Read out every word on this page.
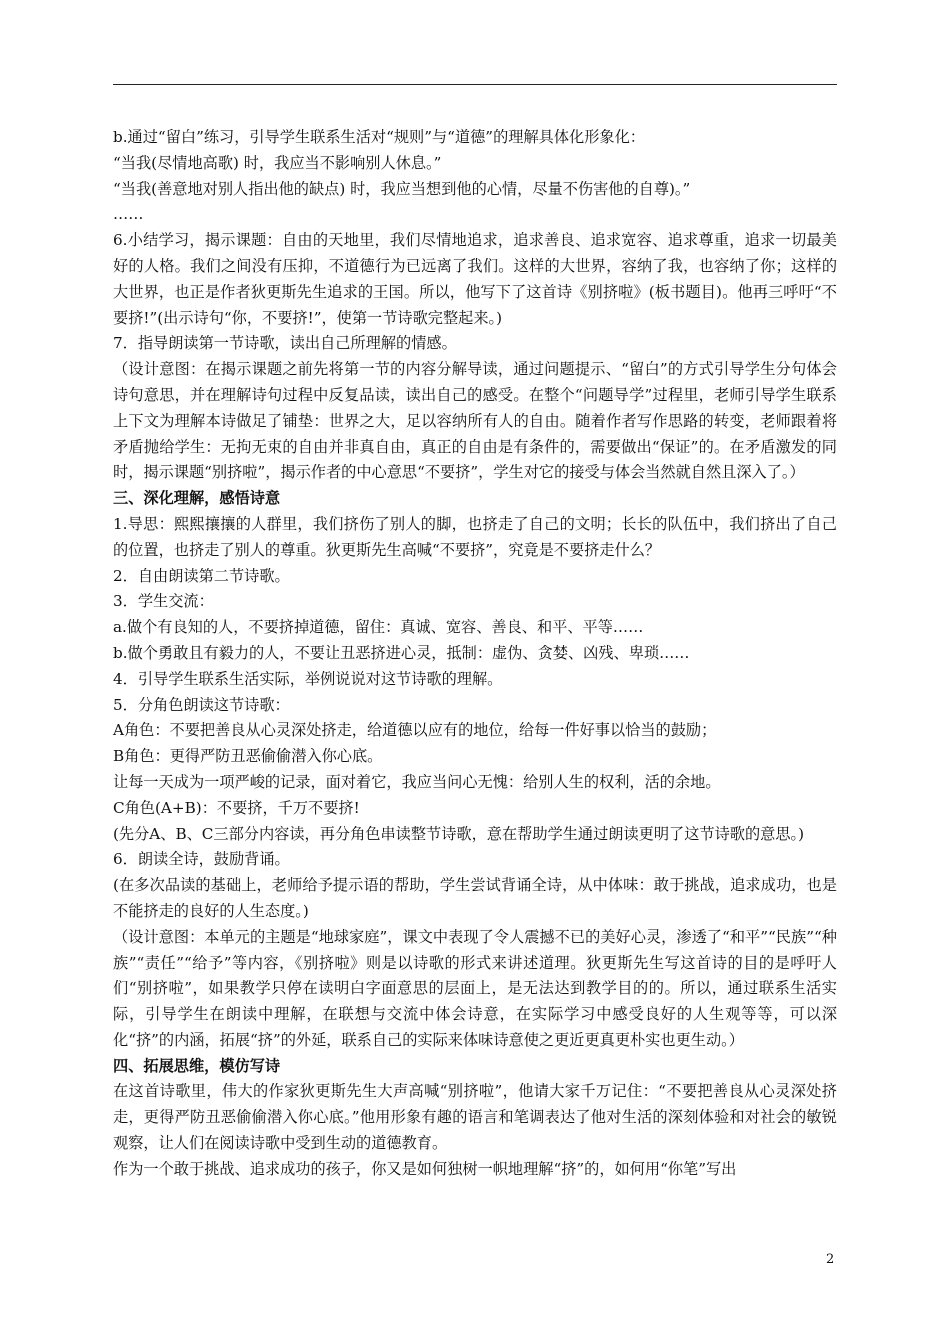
b.通过“留白”练习，引导学生联系生活对“规则”与“道德”的理解具体化形象化：

“当我(尽情地高歌) 时，我应当不影响别人休息。”

“当我(善意地对别人指出他的缺点) 时，我应当想到他的心情，尽量不伤害他的自尊)。”

……

6.小结学习，揭示课题：自由的天地里，我们尽情地追求，追求善良、追求宽容、追求尊重，追求一切最美好的人格。我们之间没有压抑，不道德行为已远离了我们。这样的大世界，容纳了我，也容纳了你；这样的大世界，也正是作者狄更斯先生追求的王国。所以，他写下了这首诗《别挤啦》(板书题目)。他再三呼吁“不要挤!”(出示诗句“你，不要挤!”，使第一节诗歌完整起来。)

7．指导朗读第一节诗歌，读出自己所理解的情感。

（设计意图：在揭示课题之前先将第一节的内容分解导读，通过问题提示、“留白”的方式引导学生分句体会诗句意思，并在理解诗句过程中反复品读，读出自己的感受。在整个“问题导学”过程里，老师引导学生联系上下文为理解本诗做足了铺垫：世界之大，足以容纳所有人的自由。随着作者写作思路的转变，老师跟着将矛盾抛给学生：无拘无束的自由并非真自由，真正的自由是有条件的，需要做出“保证”的。在矛盾激发的同时，揭示课题“别挤啦”，揭示作者的中心意思“不要挤”，学生对它的接受与体会当然就自然且深入了。）

三、深化理解，感悟诗意

1.导思：熙熙攘攘的人群里，我们挤伤了别人的脚，也挤走了自己的文明；长长的队伍中，我们挤出了自己的位置，也挤走了别人的尊重。狄更斯先生高喊“不要挤”，究竟是不要挤走什么？

2．自由朗读第二节诗歌。

3．学生交流：

a.做个有良知的人，不要挤掉道德，留住：真诚、宽容、善良、和平、平等……

b.做个勇敢且有毅力的人，不要让丑恶挤进心灵，抵制：虚伪、贪婪、凶残、卑琐……

4．引导学生联系生活实际，举例说说对这节诗歌的理解。

5．分角色朗读这节诗歌：

A角色：不要把善良从心灵深处挤走，给道德以应有的地位，给每一件好事以恰当的鼓励；

B角色：更得严防丑恶偷偷潜入你心底。

让每一天成为一项严峻的记录，面对着它，我应当问心无愧：给别人生的权利，活的余地。

C角色(A+B)：不要挤，千万不要挤!

(先分A、B、C三部分内容读，再分角色串读整节诗歌，意在帮助学生通过朗读更明了这节诗歌的意思。)

6．朗读全诗，鼓励背诵。

(在多次品读的基础上，老师给予提示语的帮助，学生尝试背诵全诗，从中体味：敢于挑战，追求成功，也是不能挤走的良好的人生态度。)

（设计意图：本单元的主题是“地球家庭”，课文中表现了令人震撼不已的美好心灵，渗透了“和平”“民族”“种族”“责任”“给予”等内容，《别挤啦》则是以诗歌的形式来讲述道理。狄更斯先生写这首诗的目的是呼吁人们“别挤啦”，如果教学只停在读明白字面意思的层面上，是无法达到教学目的的。所以，通过联系生活实际，引导学生在朗读中理解，在联想与交流中体会诗意，在实际学习中感受良好的人生观等等，可以深化“挤”的内涵，拓展“挤”的外延，联系自己的实际来体味诗意使之更近更真更朴实也更生动。）

四、拓展思维，模仿写诗

在这首诗歌里，伟大的作家狄更斯先生大声高喊“别挤啦”，他请大家千万记住：“不要把善良从心灵深处挤走，更得严防丑恶偷偷潜入你心底。”他用形象有趣的语言和笔调表达了他对生活的深刻体验和对社会的敏锐观察，让人们在阅读诗歌中受到生动的道德教育。

作为一个敢于挑战、追求成功的孩子，你又是如何独树一帜地理解“挤”的，如何用“你笔”写出

2
